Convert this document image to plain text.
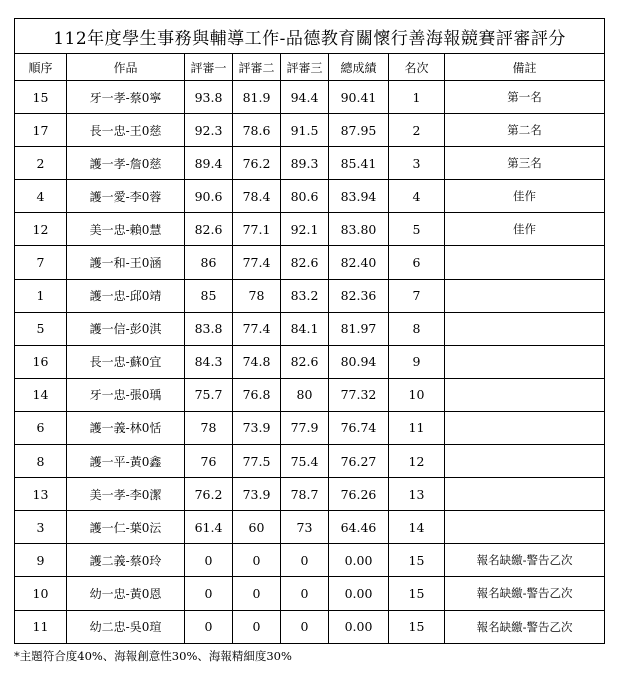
112年度學生事務與輔導工作-品德教育關懷行善海報競賽評審評分							
順序	作品	評審一	評審二	評審三	總成績	名次	備註
15	牙一孝-蔡0寧	93.8	81.9	94.4	90.41	1	第一名
17	長一忠-王0慈	92.3	78.6	91.5	87.95	2	第二名
2	護一孝-詹0慈	89.4	76.2	89.3	85.41	3	第三名
4	護一愛-李0蓉	90.6	78.4	80.6	83.94	4	佳作
12	美一忠-賴0慧	82.6	77.1	92.1	83.80	5	佳作
7	護一和-王0涵	86	77.4	82.6	82.40	6	
1	護一忠-邱0靖	85	78	83.2	82.36	7	
5	護一信-彭0淇	83.8	77.4	84.1	81.97	8	
16	長一忠-蘇0宜	84.3	74.8	82.6	80.94	9	
14	牙一忠-張0瑀	75.7	76.8	80	77.32	10	
6	護一義-林0恬	78	73.9	77.9	76.74	11	
8	護一平-黃0鑫	76	77.5	75.4	76.27	12	
13	美一孝-李0潔	76.2	73.9	78.7	76.26	13	
3	護一仁-葉0沄	61.4	60	73	64.46	14	
9	護二義-蔡0玲	0	0	0	0.00	15	報名缺繳-警告乙次
10	幼一忠-黃0恩	0	0	0	0.00	15	報名缺繳-警告乙次
11	幼二忠-吳0瑄	0	0	0	0.00	15	報名缺繳-警告乙次
*主題符合度40%、海報創意性30%、海報精細度30%
